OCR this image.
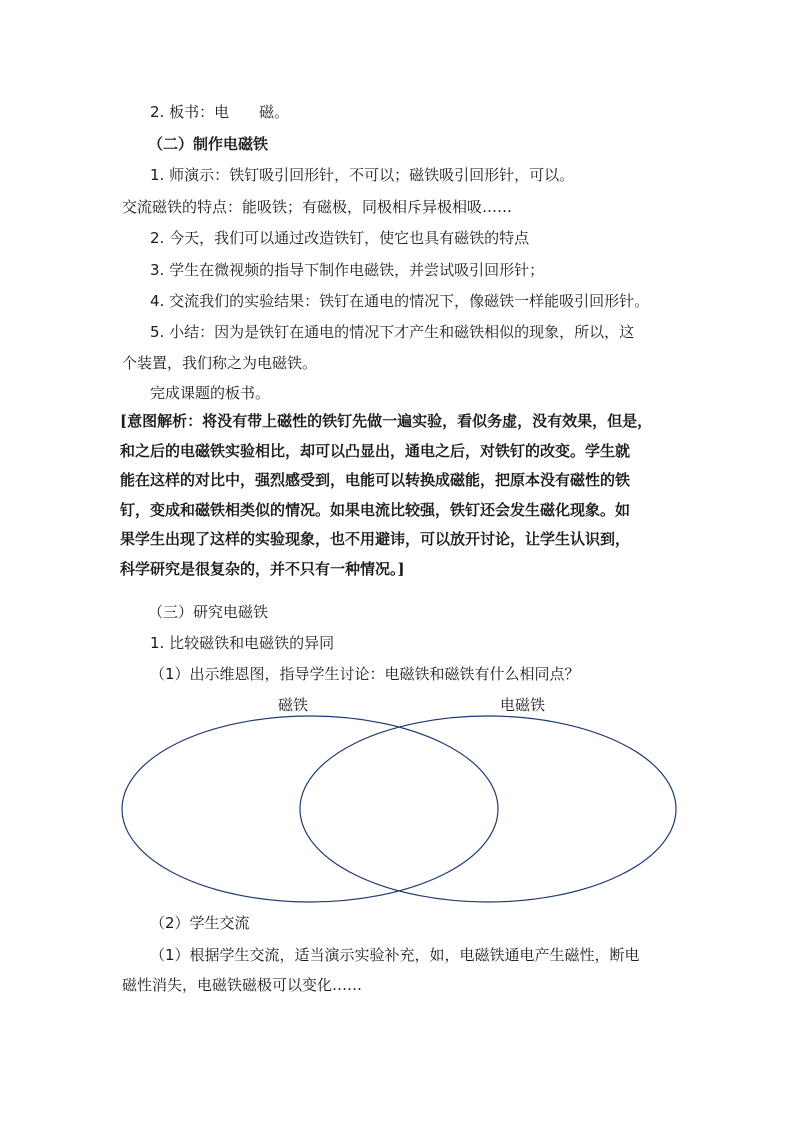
2. 板书：电 磁。
（二）制作电磁铁
1. 师演示：铁钉吸引回形针，不可以；磁铁吸引回形针，可以。
交流磁铁的特点：能吸铁；有磁极，同极相斥异极相吸……
2. 今天，我们可以通过改造铁钉，使它也具有磁铁的特点
3. 学生在微视频的指导下制作电磁铁，并尝试吸引回形针；
4. 交流我们的实验结果：铁钉在通电的情况下，像磁铁一样能吸引回形针。
5. 小结：因为是铁钉在通电的情况下才产生和磁铁相似的现象，所以，这
个装置，我们称之为电磁铁。
完成课题的板书。
[意图解析：将没有带上磁性的铁钉先做一遍实验，看似务虚，没有效果，但是，
和之后的电磁铁实验相比，却可以凸显出，通电之后，对铁钉的改变。学生就
能在这样的对比中，强烈感受到，电能可以转换成磁能，把原本没有磁性的铁
钉，变成和磁铁相类似的情况。如果电流比较强，铁钉还会发生磁化现象。如
果学生出现了这样的实验现象，也不用避讳，可以放开讨论，让学生认识到，
科学研究是很复杂的，并不只有一种情况。]
（三）研究电磁铁
1. 比较磁铁和电磁铁的异同
（1）出示维恩图，指导学生讨论：电磁铁和磁铁有什么相同点？
磁铁	电磁铁
（2）学生交流
（1）根据学生交流，适当演示实验补充，如，电磁铁通电产生磁性，断电
磁性消失，电磁铁磁极可以变化……
